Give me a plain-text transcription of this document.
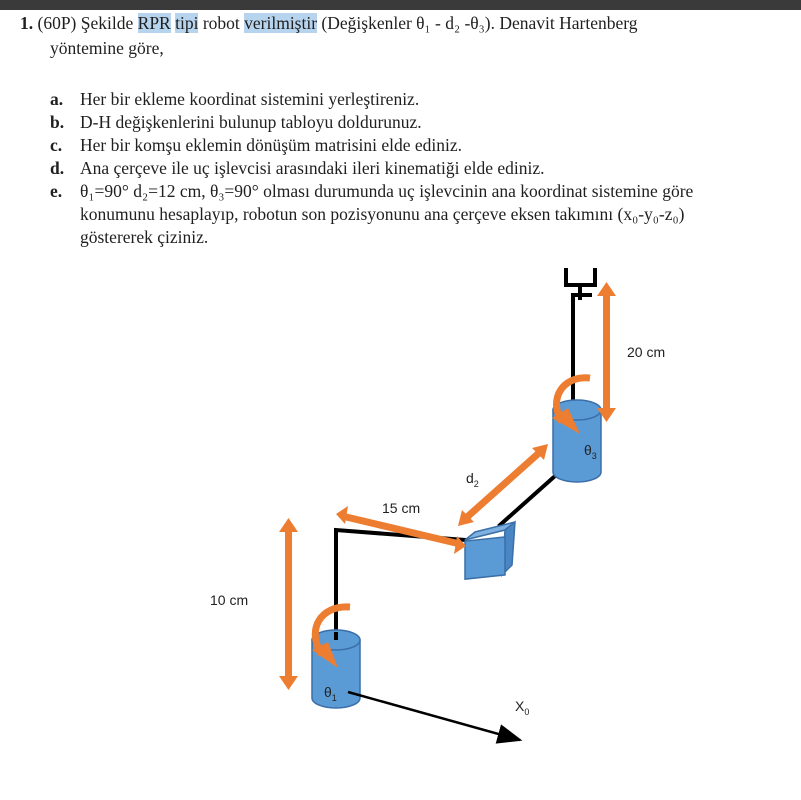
1. (60P) Şekilde RPR tipi robot verilmiştir (Değişkenler θ₁ - d₂ -θ₃). Denavit Hartenberg
yöntemine göre,
a. Her bir ekleme koordinat sistemini yerleştireniz.
b. D-H değişkenlerini bulunup tabloyu doldurunuz.
c.	Her bir komşu eklemin dönüşüm matrisini elde ediniz.
d. Ana çerçeve ile uç işlevcisi arasındaki ileri kinematiği elde ediniz.
e.	θ₁=90° d₂=12 cm, θ₃=90° olması durumunda uç işlevcinin ana koordinat sistemine göre
konumunu hesaplayıp, robotun son pozisyonunu ana çerçeve eksen takımını (x₀-y₀-z₀)
göstererek çiziniz.
$\theta_1$
$\theta_3$
10 cm
15 cm
20 cm
$d_2$
$X_0$
